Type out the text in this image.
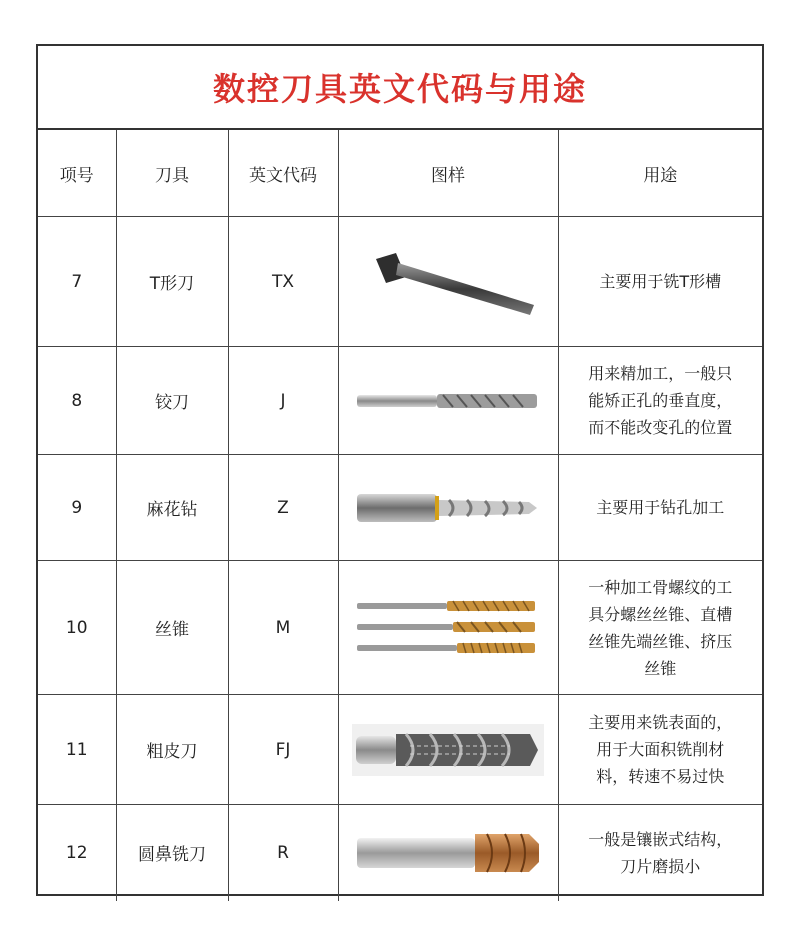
数控刀具英文代码与用途
项号	刀具	英文代码	图样	用途
7	T形刀	TX		主要用于铣T形槽
8	铰刀	J		用来精加工，一般只
能矫正孔的垂直度，
而不能改变孔的位置
9	麻花钻	Z		主要用于钻孔加工
10	丝锥	M		一种加工骨螺纹的工
具分螺丝丝锥、直槽
丝锥先端丝锥、挤压
丝锥
11	粗皮刀	FJ		主要用来铣表面的，
用于大面积铣削材
料，转速不易过快
12	圆鼻铣刀	R		一般是镶嵌式结构，
刀片磨损小
